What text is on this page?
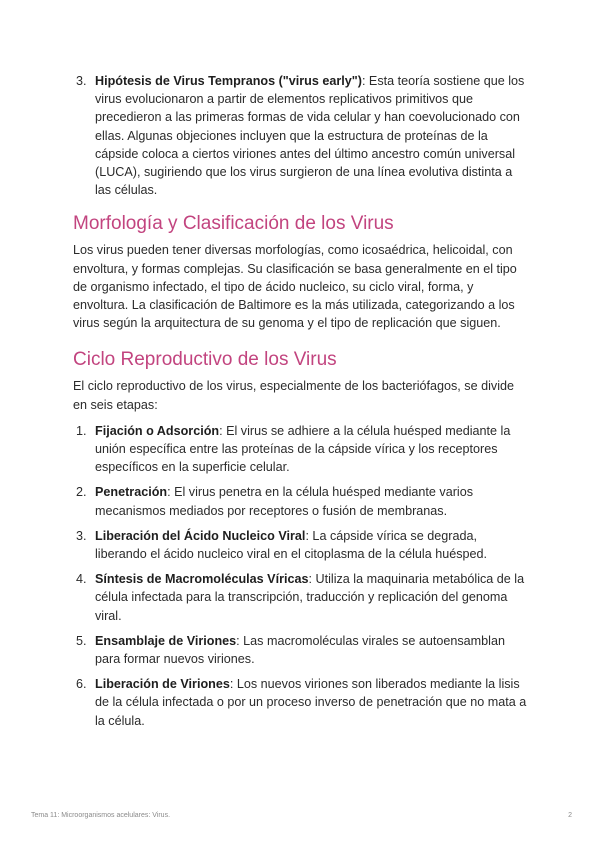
3. Hipótesis de Virus Tempranos ("virus early"): Esta teoría sostiene que los virus evolucionaron a partir de elementos replicativos primitivos que precedieron a las primeras formas de vida celular y han coevolucionado con ellas. Algunas objeciones incluyen que la estructura de proteínas de la cápside coloca a ciertos viriones antes del último ancestro común universal (LUCA), sugiriendo que los virus surgieron de una línea evolutiva distinta a las células.
Morfología y Clasificación de los Virus

Los virus pueden tener diversas morfologías, como icosaédrica, helicoidal, con envoltura, y formas complejas. Su clasificación se basa generalmente en el tipo de organismo infectado, el tipo de ácido nucleico, su ciclo viral, forma, y envoltura. La clasificación de Baltimore es la más utilizada, categorizando a los virus según la arquitectura de su genoma y el tipo de replicación que siguen.

Ciclo Reproductivo de los Virus

El ciclo reproductivo de los virus, especialmente de los bacteriófagos, se divide en seis etapas:

1. Fijación o Adsorción: El virus se adhiere a la célula huésped mediante la unión específica entre las proteínas de la cápside vírica y los receptores específicos en la superficie celular.
2. Penetración: El virus penetra en la célula huésped mediante varios mecanismos mediados por receptores o fusión de membranas.
3. Liberación del Ácido Nucleico Viral: La cápside vírica se degrada, liberando el ácido nucleico viral en el citoplasma de la célula huésped.
4. Síntesis de Macromoléculas Víricas: Utiliza la maquinaria metabólica de la célula infectada para la transcripción, traducción y replicación del genoma viral.
5. Ensamblaje de Viriones: Las macromoléculas virales se autoensamblan para formar nuevos viriones.
6. Liberación de Viriones: Los nuevos viriones son liberados mediante la lisis de la célula infectada o por un proceso inverso de penetración que no mata a la célula.
Tema 11: Microorganismos acelulares: Virus.	2
